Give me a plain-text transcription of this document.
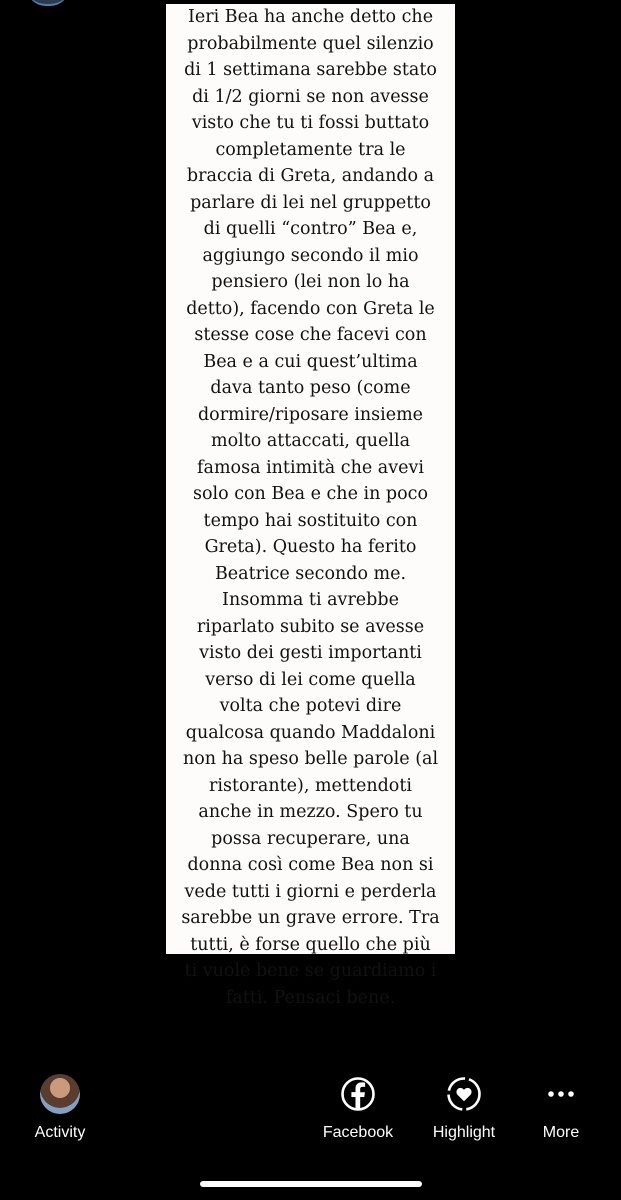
Ieri Bea ha anche detto che
probabilmente quel silenzio
di 1 settimana sarebbe stato
di 1/2 giorni se non avesse
visto che tu ti fossi buttato
completamente tra le
braccia di Greta, andando a
parlare di lei nel gruppetto
di quelli “contro” Bea e,
aggiungo secondo il mio
pensiero (lei non lo ha
detto), facendo con Greta le
stesse cose che facevi con
Bea e a cui quest’ultima
dava tanto peso (come
dormire/riposare insieme
molto attaccati, quella
famosa intimità che avevi
solo con Bea e che in poco
tempo hai sostituito con
Greta). Questo ha ferito
Beatrice secondo me.
Insomma ti avrebbe
riparlato subito se avesse
visto dei gesti importanti
verso di lei come quella
volta che potevi dire
qualcosa quando Maddaloni
non ha speso belle parole (al
ristorante), mettendoti
anche in mezzo. Spero tu
possa recuperare, una
donna così come Bea non si
vede tutti i giorni e perderla
sarebbe un grave errore. Tra
tutti, è forse quello che più
ti vuole bene se guardiamo i
fatti. Pensaci bene.

Activity	Facebook	Highlight	More
